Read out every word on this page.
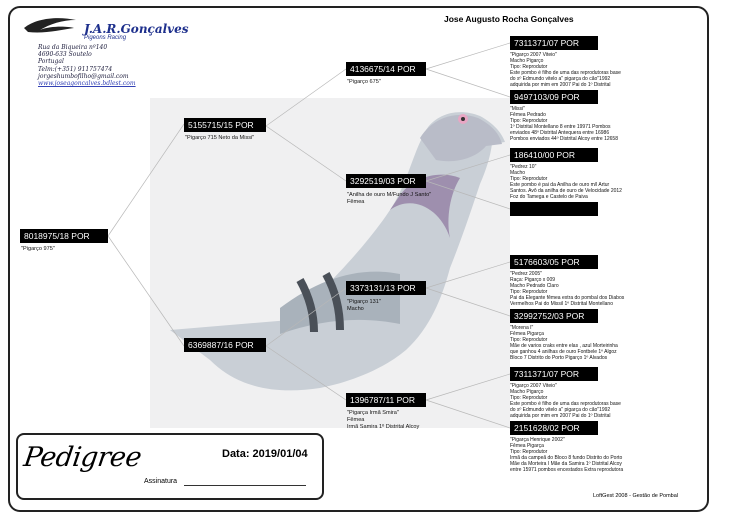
J.A.R.Gonçalves
Pigeons Racing
Rua da Biqueira nº140
4690-633 Soutelo
Portugal
Telm:(+351) 911757474
jorgeshumbofilho@gmail.com
www.joseagoncalves.bdlest.com
Jose Augusto Rocha Gonçalves
8018975/18 POR
"Pigarço 975"
5155715/15 POR
"Pigarço 715 Neto da Missi"
6369887/16 POR
4136675/14 POR
"Pigarço 675"
3292519/03 POR
"Anilha de ouro M/Fundo J Santo"
Fêmea
3373131/13 POR
"Pigarço 131"
Macho
1396787/11 POR
"Pigarça Irmã Smira"
Fêmea
Irmã Samira 1º Distrital Alcoy
7311371/07 POR
"Pigarço 2007 Viteio"
Macho Pigarço
Tipo: Reprodutor
Este pombo é filho de uma das reprodutoras base
do sº Edmundo vitelo a" pigarça do cão"1992
adquirida por mim em 2007 Pai do 1º Distrital
9497103/09 POR
"Missi"
Fêmea Pedrado
Tipo: Reprodutor
1º Distrital Montellano 8 entre 19971 Pombos
enviados 48º Distrital Antequera entre 16986
Pombos enviados 44º Distrital Alcoy entre 12658
186410/00 POR
"Pedrez 10"
Macho
Tipo: Reprodutor
Este pombo é pai da Anilha de ouro m/l Artur
Santos. Avô da anilha de ouro de Velocidade 2012
Foz do Tamega e Castelo de Paiva
5176603/05 POR
"Pedrez 2005"
Raça: Pigarço x 009
Macho Pedrado Claro
Tipo: Reprodutor
Pai da Elegante fêmea extra do pombal dos Diabos
Vermelhos Pai do Missil 1º Distrital Montellano
32992752/03 POR
"Morena I"
Fêmea Pigarça
Tipo: Reprodutor
Mãe de varios craks entre elas , azul Morteirinha
que ganhou 4 anilhas de ouro Fontbele 1º Algoz
Bloco 7 Distrito do Porto Pigarço 1º Alvados
7311371/07 POR
"Pigarço 2007 Viteio"
Macho Pigarço
Tipo: Reprodutor
Este pombo é filho de uma das reprodutoras base
do sº Edmundo vitelo a" pigarça do cão"1992
adquirida por mim em 2007 Pai do 1º Distrital
2151628/02 POR
"Pigarça Henrique 2002"
Fêmea Pigarça
Tipo: Reprodutor
Irmã da campeã do Bloco 8 fundo Distrito do Porto
Mãe da Morteira I Mãe da Samira 1º Distrital Alcoy
entre 15971 pombos encestados Extra reprodutora
Pedigree	Data: 2019/01/04
Assinatura
LoftGest 2008 - Gestão de Pombal
